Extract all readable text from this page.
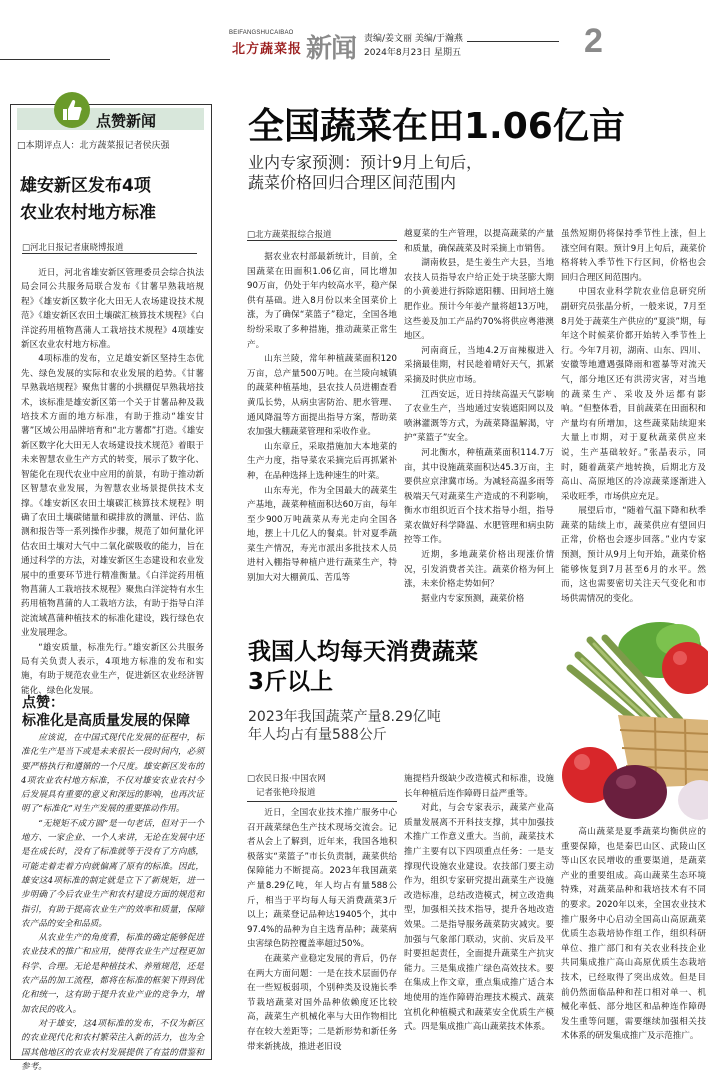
BEIFANGSHUCAIBAO
北方蔬菜报 新闻 责编/姜文丽 美编/于瀚燕
2024年8月23日 星期五	2
点赞新闻
□本期评点人：北方蔬菜报记者侯庆强
雄安新区发布4项
农业农村地方标准
□河北日报记者康晓博报道

近日，河北省雄安新区管理委员会综合执法局会同公共服务局联合发布《甘薯早熟栽培规程》《雄安新区数字化大田无人农场建设技术规范》《雄安新区农田土壤碳汇核算技术规程》《白洋淀药用植物菖蒲人工栽培技术规程》4项雄安新区农业农村地方标准。

4项标准的发布，立足雄安新区坚持生态优先、绿色发展的实际和农业发展的趋势。《甘薯早熟栽培规程》聚焦甘薯的小拱棚促早熟栽培技术，该标准是雄安新区第一个关于甘薯品种及栽培技术方面的地方标准，有助于推动“雄安甘薯”区域公用品牌培育和“北方薯都”打造。《雄安新区数字化大田无人农场建设技术规范》着眼于未来智慧农业生产方式的转变，展示了数字化、智能化在现代农业中应用的前景，有助于推动新区智慧农业发展，为智慧农业场景提供技术支撑。《雄安新区农田土壤碳汇核算技术规程》明确了农田土壤碳储量和碳排放的测量、评估、监测和报告等一系列操作步骤，规范了如何量化评估农田土壤对大气中二氧化碳吸收的能力，旨在通过科学的方法，对雄安新区生态建设和农业发展中的重要环节进行精准衡量。《白洋淀药用植物菖蒲人工栽培技术规程》聚焦白洋淀特有水生药用植物菖蒲的人工栽培方法，有助于指导白洋淀流域菖蒲种植技术的标准化建设，践行绿色农业发展理念。

“雄安质量，标准先行。”雄安新区公共服务局有关负责人表示，4项地方标准的发布和实施，有助于规范农业生产，促进新区农业经济智能化、绿色化发展。

点赞：
标准化是高质量发展的保障

应该说，在中国式现代化发展的征程中，标准化生产是当下或是未来很长一段时间内，必须要严格执行和遵循的一个尺度。雄安新区发布的4项农业农村地方标准，不仅对雄安农业农村今后发展具有重要的意义和深远的影响，也再次证明了“标准化”对生产发展的重要推动作用。

“无规矩不成方圆”是一句老话，但对于一个地方、一家企业、一个人来讲，无论在发展中还是在成长时，没有了标准就等于没有了方向感，可能走着走着方向就偏离了原有的标准。因此，雄安这4项标准的制定就是立下了新规矩，进一步明确了今后农业生产和农村建设方面的规范和指引，有助于提高农业生产的效率和质量，保障农产品的安全和品质。

从农业生产的角度看，标准的确定能够促进农业技术的推广和应用，使得农业生产过程更加科学、合理。无论是种植技术、养殖规范，还是农产品的加工流程，都将在标准的框架下得到优化和统一，这有助于提升农业产业的竞争力，增加农民的收入。

对于雄安，这4项标准的发布，不仅为新区的农业现代化和农村繁荣注入新的活力，也为全国其他地区的农业农村发展提供了有益的借鉴和参考。

全国蔬菜在田1.06亿亩
业内专家预测：预计9月上旬后，
蔬菜价格回归合理区间范围内
□北方蔬菜报综合报道

据农业农村部最新统计，目前，全国蔬菜在田面积1.06亿亩，同比增加90万亩，仍处于年内较高水平，稳产保供有基础。进入8月份以来全国菜价上涨，为了确保“菜篮子”稳定，全国各地纷纷采取了多种措施，推动蔬菜正常生产。

山东兰陵，常年种植蔬菜面积120万亩，总产量500万吨。在兰陵向城镇的蔬菜种植基地，县农技人员进棚查看黄瓜长势，从病虫害防治、肥水管理、通风降温等方面提出指导方案，帮助菜农加强大棚蔬菜管理和采收作业。

山东章丘，采取措施加大本地菜的生产力度，指导菜农采摘完后再抓紧补种，在品种选择上选种速生的叶菜。

山东寿光，作为全国最大的蔬菜生产基地，蔬菜种植面积达60万亩，每年至少900万吨蔬菜从寿光走向全国各地，摆上十几亿人的餐桌。针对夏季蔬菜生产情况，寿光市派出多批技术人员进村入棚指导种植户进行蔬菜生产，特别加大对大棚黄瓜、苦瓜等

越夏菜的生产管理，以提高蔬菜的产量和质量，确保蔬菜及时采摘上市销售。

湖南攸县，是生姜生产大县，当地农技人员指导农户给正处于块茎膨大期的小黄姜进行拆除遮阳棚、田间培土施肥作业。预计今年姜产量将超13万吨，这些姜及加工产品约70%将供应粤港澳地区。

河南商丘，当地4.2万亩辣椒进入采摘最佳期，村民趁着晴好天气，抓紧采摘及时供应市场。

江西安远，近日持续高温天气影响了农业生产，当地通过安装遮阳网以及喷淋灌溉等方式，为蔬菜降温解渴，守护“菜篮子”安全。

河北衡水，种植蔬菜面积114.7万亩，其中设施蔬菜面积达45.3万亩，主要供应京津冀市场。为减轻高温多雨等极端天气对蔬菜生产造成的不利影响，衡水市组织近百个技术指导小组，指导菜农做好科学降温、水肥管理和病虫防控等工作。

近期，多地蔬菜价格出现涨价情况，引发消费者关注。蔬菜价格为何上涨，未来价格走势如何？

据业内专家预测，蔬菜价格

虽然短期仍将保持季节性上涨，但上涨空间有限。预计9月上旬后，蔬菜价格将转入季节性下行区间，价格也会回归合理区间范围内。

中国农业科学院农业信息研究所副研究员张晶分析，一般来说，7月至8月处于蔬菜生产供应的“夏淡”期，每年这个时候菜价都开始转入季节性上行。今年7月初，湖南、山东、四川、安徽等地遭遇强降雨和雹暴等对流天气，部分地区还有洪涝灾害，对当地的蔬菜生产、采收及外运都有影响。“但整体看，目前蔬菜在田面积和产量均有所增加，这些蔬菜陆续迎来大量上市期，对于夏秋蔬菜供应来说，生产基础较好。”张晶表示，同时，随着蔬菜产地转换，后期北方及高山、高原地区的冷凉蔬菜逐渐进入采收旺季，市场供应充足。

展望后市，“随着气温下降和秋季蔬菜的陆续上市，蔬菜供应有望回归正常，价格也会逐步回落。”业内专家预测，预计从9月上旬开始，蔬菜价格能够恢复到7月甚至6月的水平。然而，这也需要密切关注天气变化和市场供需情况的变化。

我国人均每天消费蔬菜
3斤以上
2023年我国蔬菜产量8.29亿吨
年人均占有量588公斤
□农民日报·中国农网
记者张艳玲报道

近日，全国农业技术推广服务中心召开蔬菜绿色生产技术现场交流会。记者从会上了解到，近年来，我国各地积极落实“菜篮子”市长负责制，蔬菜供给保障能力不断提高。2023年我国蔬菜产量8.29亿吨，年人均占有量588公斤，相当于平均每人每天消费蔬菜3斤以上；蔬菜登记品种达19405个，其中97.4%的品种为自主选育品种；蔬菜病虫害绿色防控覆盖率超过50%。

在蔬菜产业稳定发展的背后，仍存在两大方面问题：一是在技术层面仍存在一些短板弱项，个别种类及设施长季节栽培蔬菜对国外品种依赖度还比较高，蔬菜生产机械化率与大田作物相比存在较大差距等；二是新形势和新任务带来新挑战，推进老旧设

施提档升级缺少改造模式和标准，设施长年种植后连作障碍日益严重等。

对此，与会专家表示，蔬菜产业高质量发展离不开科技支撑，其中加强技术推广工作意义重大。当前，蔬菜技术推广主要有以下四项重点任务：一是支撑现代设施农业建设。农技部门要主动作为，组织专家研究提出蔬菜生产设施改造标准，总结改造模式，树立改造典型，加强相关技术指导，提升各地改造效果。二是指导服务蔬菜防灾减灾。要加强与气象部门联动，灾前、灾后及平时要担起责任，全面提升蔬菜生产抗灾能力。三是集成推广绿色高效技术。要在集成上作文章，重点集成推广适合本地使用的连作障碍治理技术模式、蔬菜宜机化种植模式和蔬菜安全优质生产模式。四是集成推广高山蔬菜技术体系。

高山蔬菜是夏季蔬菜均衡供应的重要保障，也是秦巴山区、武陵山区等山区农民增收的重要渠道，是蔬菜产业的重要组成。高山蔬菜生态环境特殊，对蔬菜品种和栽培技术有不同的要求。2020年以来，全国农业技术推广服务中心启动全国高山高原蔬菜优质生态栽培协作组工作，组织科研单位、推广部门和有关农业科技企业共同集成推广高山高原优质生态栽培技术，已经取得了突出成效。但是目前仍然面临品种和茬口相对单一、机械化率低、部分地区和品种连作障碍发生重等问题，需要继续加强相关技术体系的研发集成推广及示范推广。
